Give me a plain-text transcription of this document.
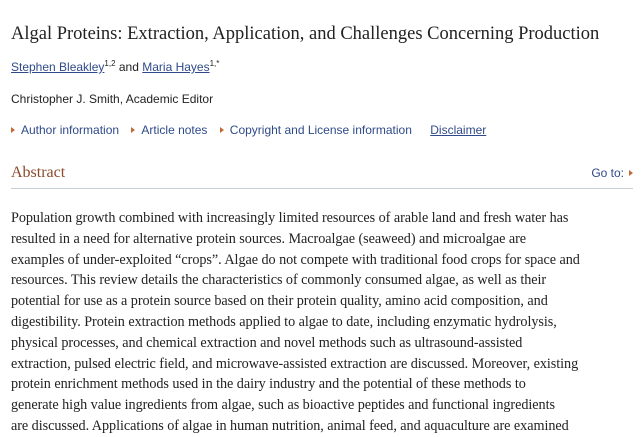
Algal Proteins: Extraction, Application, and Challenges Concerning Production
Stephen Bleakley$^{1,2}$ and Maria Hayes$^{1,*}$
Christopher J. Smith, Academic Editor
Author information Article notes Copyright and License information Disclaimer
Abstract	Go to:

Population growth combined with increasingly limited resources of arable land and fresh water has
resulted in a need for alternative protein sources. Macroalgae (seaweed) and microalgae are
examples of under-exploited “crops”. Algae do not compete with traditional food crops for space and
resources. This review details the characteristics of commonly consumed algae, as well as their
potential for use as a protein source based on their protein quality, amino acid composition, and
digestibility. Protein extraction methods applied to algae to date, including enzymatic hydrolysis,
physical processes, and chemical extraction and novel methods such as ultrasound-assisted
extraction, pulsed electric field, and microwave-assisted extraction are discussed. Moreover, existing
protein enrichment methods used in the dairy industry and the potential of these methods to
generate high value ingredients from algae, such as bioactive peptides and functional ingredients
are discussed. Applications of algae in human nutrition, animal feed, and aquaculture are examined
